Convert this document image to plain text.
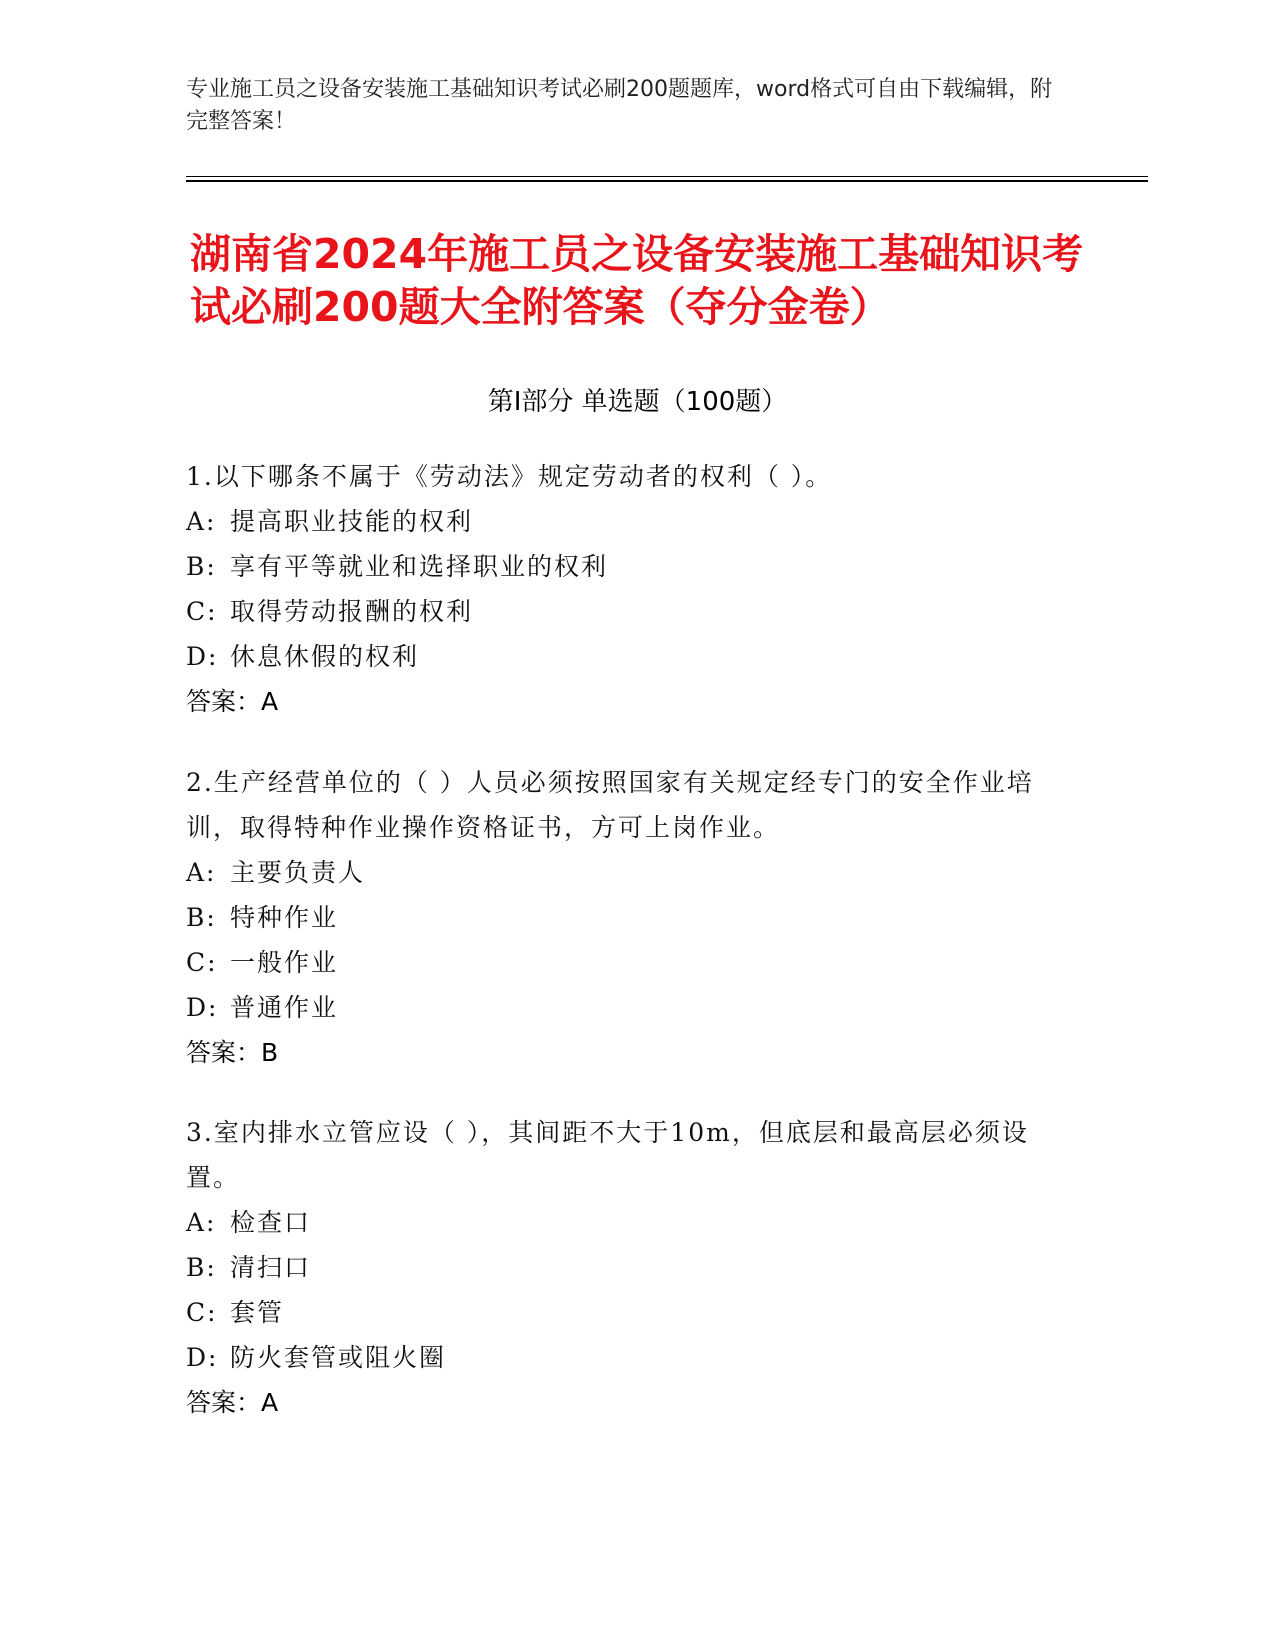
专业施工员之设备安装施工基础知识考试必刷200题题库，word格式可自由下载编辑，附完整答案！
湖南省2024年施工员之设备安装施工基础知识考试必刷200题大全附答案（夺分金卷）
第I部分 单选题（100题）
1.以下哪条不属于《劳动法》规定劳动者的权利（ ）。
A: 提高职业技能的权利
B: 享有平等就业和选择职业的权利
C: 取得劳动报酬的权利
D: 休息休假的权利
答案：A
2.生产经营单位的（ ）人员必须按照国家有关规定经专门的安全作业培训，取得特种作业操作资格证书，方可上岗作业。
A: 主要负责人
B: 特种作业
C: 一般作业
D: 普通作业
答案：B
3.室内排水立管应设（ ），其间距不大于10m，但底层和最高层必须设置。
A: 检查口
B: 清扫口
C: 套管
D: 防火套管或阻火圈
答案：A
